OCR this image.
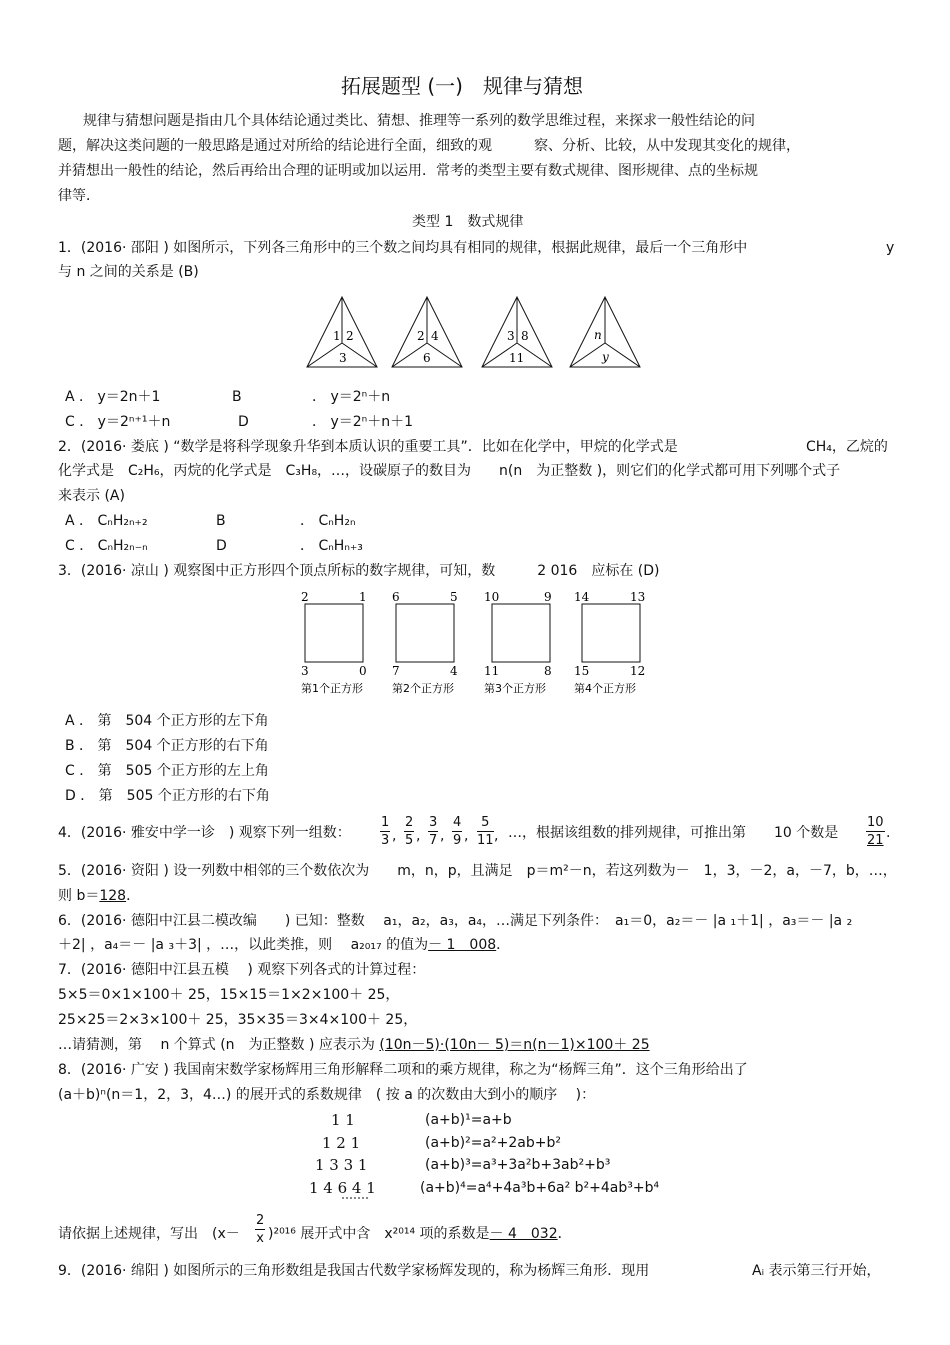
拓展题型 (一)　规律与猜想
规律与猜想问题是指由几个具体结论通过类比、猜想、推理等一系列的数学思维过程，来探求一般性结论的问
题，解决这类问题的一般思路是通过对所给的结论进行全面，细致的观　　　察、分析、比较，从中发现其变化的规律，
并猜想出一般性的结论，然后再给出合理的证明或加以运用．常考的类型主要有数式规律、图形规律、点的坐标规
律等．
类型 1　数式规律
1．(2016· 邵阳 ) 如图所示，下列各三角形中的三个数之间均具有相同的规律，根据此规律，最后一个三角形中	y
与 n 之间的关系是 (B)
1 2
3
2 4
6
3 8
11
n
y
A ． y＝2n＋1	B	． y＝2ⁿ＋n
C ． y＝2ⁿ⁺¹＋n	D	． y＝2ⁿ＋n＋1
2．(2016· 娄底 ) “数学是将科学现象升华到本质认识的重要工具”．比如在化学中，甲烷的化学式是	CH₄，乙烷的
化学式是　C₂H₆，丙烷的化学式是　C₃H₈，…，设碳原子的数目为　　n(n　为正整数 )，则它们的化学式都可用下列哪个式子
来表示 (A)
A ． CₙH₂ₙ₊₂	B	． CₙH₂ₙ
C ． CₙH₂ₙ₋ₙ	D	． CₙHₙ₊₃
3．(2016· 凉山 ) 观察图中正方形四个顶点所标的数字规律，可知，数　　　2 016　应标在 (D)
2	1
3	0
第1个正方形
6	5
7	4
第2个正方形
10	9
11	8
第3个正方形
14	13
15	12
第4个正方形
A ． 第　504 个正方形的左下角
B ． 第　504 个正方形的右下角
C ． 第　505 个正方形的左上角
D ． 第　505 个正方形的右下角
4．(2016· 雅安中学一诊　) 观察下列一组数： $\frac{1}{3}$ , $\frac{2}{5}$ , $\frac{3}{7}$ , $\frac{4}{9}$ , $\frac{5}{11}$ , …，根据该组数的排列规律，可推出第　　10 个数是 $\frac{10}{21}$ .
5．(2016· 资阳 ) 设一列数中相邻的三个数依次为　　m，n，p，且满足　p＝m²－n，若这列数为－　1，3，－2，a，－7，b，…，
则 b＝128．
6．(2016· 德阳中江县二模改编　　) 已知：整数　 a₁，a₂，a₃，a₄，…满足下列条件：　a₁＝0，a₂＝－ |a ₁＋1| ，a₃＝－ |a ₂
＋2| ，a₄＝－ |a ₃＋3| ，…，以此类推，则　 a₂₀₁₇ 的值为－ 1　008．
7．(2016· 德阳中江县五模　 ) 观察下列各式的计算过程：
5×5＝0×1×100＋ 25，15×15＝1×2×100＋ 25，
25×25＝2×3×100＋ 25，35×35＝3×4×100＋ 25，
…请猜测，第　 n 个算式 (n　为正整数 ) 应表示为 (10n－5)·(10n－ 5)＝n(n－1)×100＋ 25
8．(2016· 广安 ) 我国南宋数学家杨辉用三角形解释二项和的乘方规律，称之为“杨辉三角”．这个三角形给出了
(a＋b)ⁿ(n＝1，2，3，4…) 的展开式的系数规律　( 按 a 的次数由大到小的顺序　 )：
1 1
1 2 1
1 3 3 1
1 4 6 4 1
(a+b)¹=a+b
(a+b)²=a²+2ab+b²
(a+b)³=a³+3a²b+3ab²+b³
(a+b)⁴=a⁴+4a³b+6a² b²+4ab³+b⁴
请依据上述规律，写出　$(x- \frac{2}{x} )^{2016}$ 展开式中含　x²⁰¹⁴ 项的系数是－ 4　032．
9．(2016· 绵阳 ) 如图所示的三角形数组是我国古代数学家杨辉发现的，称为杨辉三角形．现用	Aᵢ 表示第三行开始，
